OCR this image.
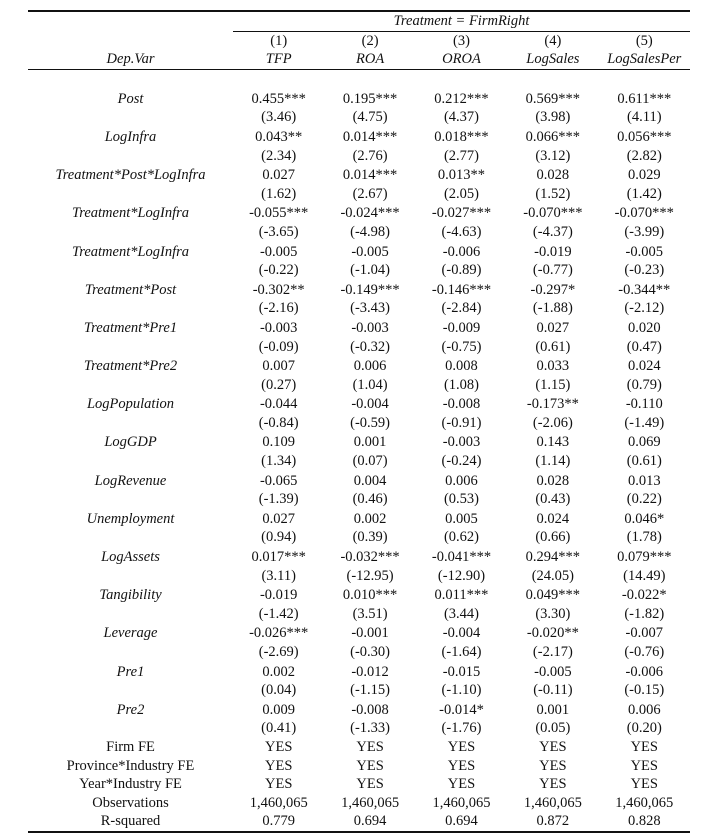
	Treatment = FirmRight				
	(1)	(2)	(3)	(4)	(5)
Dep.Var	TFP	ROA	OROA	LogSales	LogSalesPer

Post	0.455***	0.195***	0.212***	0.569***	0.611***
	(3.46)	(4.75)	(4.37)	(3.98)	(4.11)
LogInfra	0.043**	0.014***	0.018***	0.066***	0.056***
	(2.34)	(2.76)	(2.77)	(3.12)	(2.82)
Treatment*Post*LogInfra	0.027	0.014***	0.013**	0.028	0.029
	(1.62)	(2.67)	(2.05)	(1.52)	(1.42)
Treatment*LogInfra	-0.055***	-0.024***	-0.027***	-0.070***	-0.070***
	(-3.65)	(-4.98)	(-4.63)	(-4.37)	(-3.99)
Treatment*LogInfra	-0.005	-0.005	-0.006	-0.019	-0.005
	(-0.22)	(-1.04)	(-0.89)	(-0.77)	(-0.23)
Treatment*Post	-0.302**	-0.149***	-0.146***	-0.297*	-0.344**
	(-2.16)	(-3.43)	(-2.84)	(-1.88)	(-2.12)
Treatment*Pre1	-0.003	-0.003	-0.009	0.027	0.020
	(-0.09)	(-0.32)	(-0.75)	(0.61)	(0.47)
Treatment*Pre2	0.007	0.006	0.008	0.033	0.024
	(0.27)	(1.04)	(1.08)	(1.15)	(0.79)
LogPopulation	-0.044	-0.004	-0.008	-0.173**	-0.110
	(-0.84)	(-0.59)	(-0.91)	(-2.06)	(-1.49)
LogGDP	0.109	0.001	-0.003	0.143	0.069
	(1.34)	(0.07)	(-0.24)	(1.14)	(0.61)
LogRevenue	-0.065	0.004	0.006	0.028	0.013
	(-1.39)	(0.46)	(0.53)	(0.43)	(0.22)
Unemployment	0.027	0.002	0.005	0.024	0.046*
	(0.94)	(0.39)	(0.62)	(0.66)	(1.78)
LogAssets	0.017***	-0.032***	-0.041***	0.294***	0.079***
	(3.11)	(-12.95)	(-12.90)	(24.05)	(14.49)
Tangibility	-0.019	0.010***	0.011***	0.049***	-0.022*
	(-1.42)	(3.51)	(3.44)	(3.30)	(-1.82)
Leverage	-0.026***	-0.001	-0.004	-0.020**	-0.007
	(-2.69)	(-0.30)	(-1.64)	(-2.17)	(-0.76)
Pre1	0.002	-0.012	-0.015	-0.005	-0.006
	(0.04)	(-1.15)	(-1.10)	(-0.11)	(-0.15)
Pre2	0.009	-0.008	-0.014*	0.001	0.006
	(0.41)	(-1.33)	(-1.76)	(0.05)	(0.20)
Firm FE	YES	YES	YES	YES	YES
Province*Industry FE	YES	YES	YES	YES	YES
Year*Industry FE	YES	YES	YES	YES	YES
Observations	1,460,065	1,460,065	1,460,065	1,460,065	1,460,065
R-squared	0.779	0.694	0.694	0.872	0.828
